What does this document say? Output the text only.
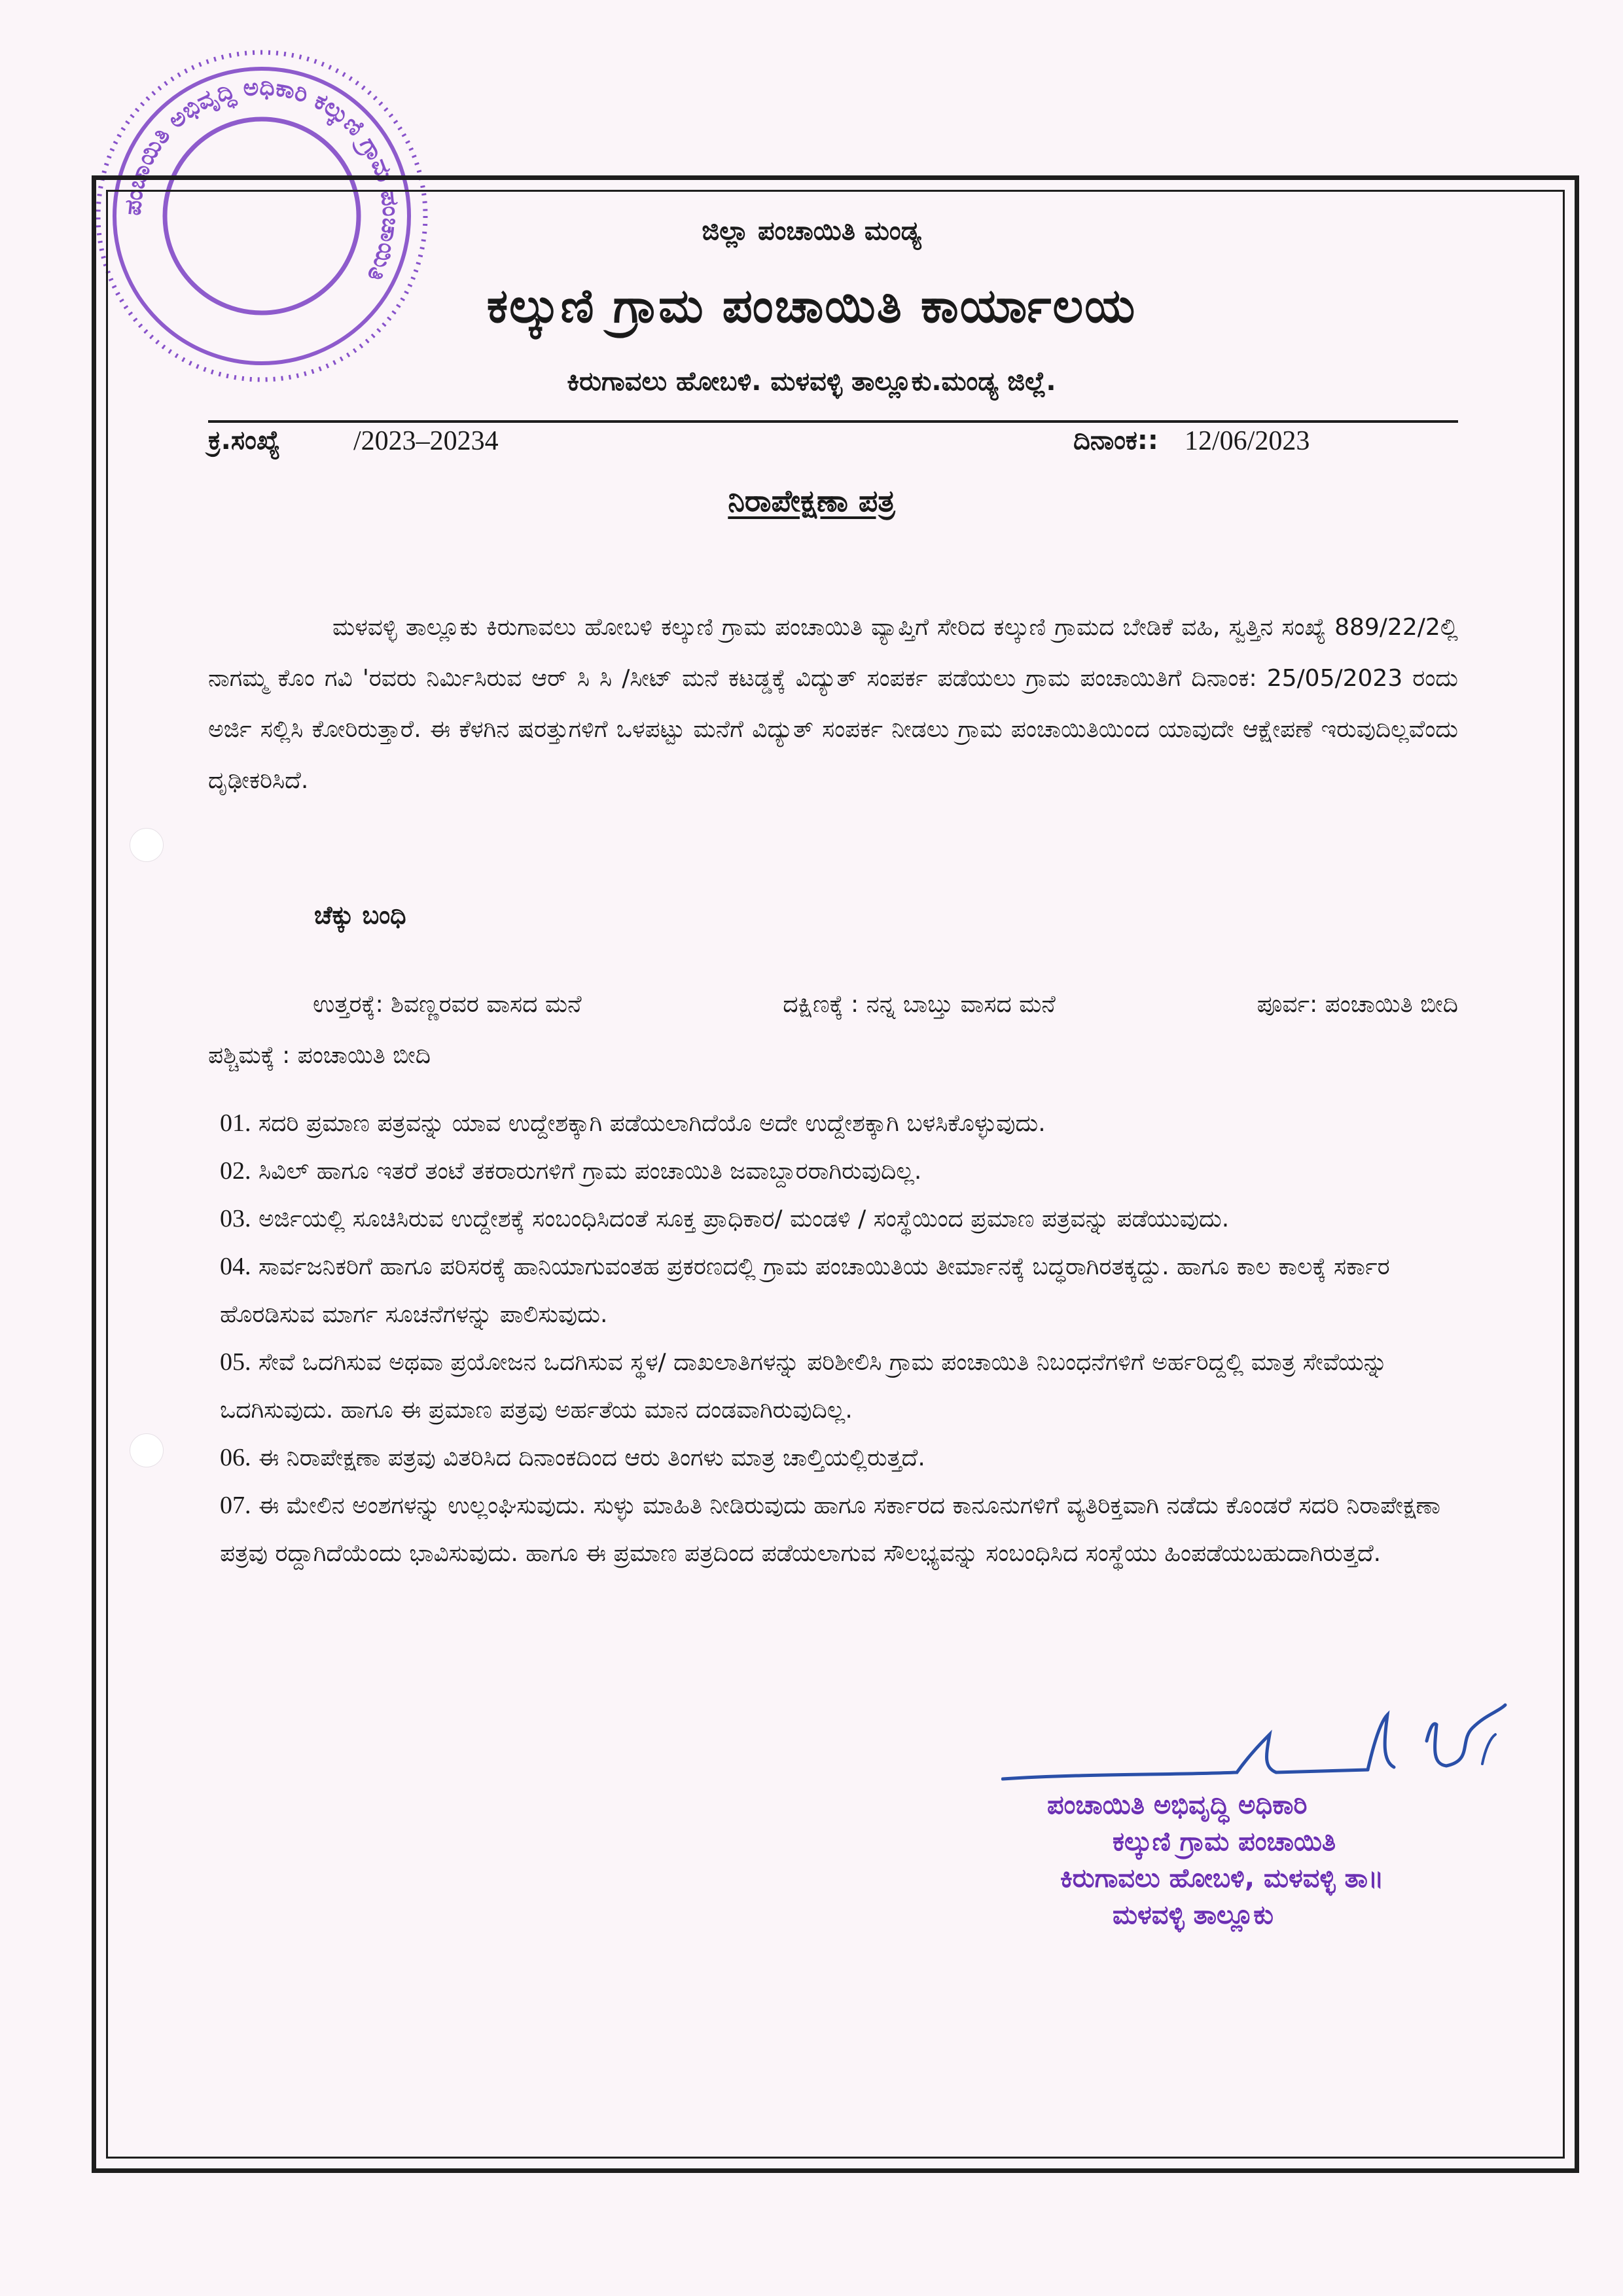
ಪಂಚಾಯಿತಿ ಅಭಿವೃದ್ಧಿ ಅಧಿಕಾರಿ ಕಲ್ಕುಣಿ ಗ್ರಾಮ ಪಂಚಾಯಿತಿ
ಜಿಲ್ಲಾ ಪಂಚಾಯಿತಿ ಮಂಡ್ಯ
ಕಲ್ಕುಣಿ ಗ್ರಾಮ ಪಂಚಾಯಿತಿ ಕಾರ್ಯಾಲಯ
ಕಿರುಗಾವಲು ಹೋಬಳಿ. ಮಳವಳ್ಳಿ ತಾಲ್ಲೂಕು.ಮಂಡ್ಯ ಜಿಲ್ಲೆ.
ಕ್ರ.ಸಂಖ್ಯೆ	/2023–20234	ದಿನಾಂಕ:: 12/06/2023
ನಿರಾಪೇಕ್ಷಣಾ ಪತ್ರ
ಮಳವಳ್ಳಿ ತಾಲ್ಲೂಕು ಕಿರುಗಾವಲು ಹೋಬಳಿ ಕಲ್ಕುಣಿ ಗ್ರಾಮ ಪಂಚಾಯಿತಿ ವ್ಯಾಪ್ತಿಗೆ ಸೇರಿದ ಕಲ್ಕುಣಿ ಗ್ರಾಮದ ಬೇಡಿಕೆ ವಹಿ, ಸ್ವತ್ತಿನ ಸಂಖ್ಯೆ 889/22/2ಲ್ಲಿ ನಾಗಮ್ಮ ಕೊಂ ಗವಿ 'ರವರು ನಿರ್ಮಿಸಿರುವ ಆರ್ ಸಿ ಸಿ /ಸೀಟ್ ಮನೆ ಕಟಡ್ಡಕ್ಕೆ ವಿದ್ಯುತ್ ಸಂಪರ್ಕ ಪಡೆಯಲು ಗ್ರಾಮ ಪಂಚಾಯಿತಿಗೆ ದಿನಾಂಕ: 25/05/2023 ರಂದು ಅರ್ಜಿ ಸಲ್ಲಿಸಿ ಕೋರಿರುತ್ತಾರೆ. ಈ ಕೆಳಗಿನ ಷರತ್ತುಗಳಿಗೆ ಒಳಪಟ್ಟು ಮನೆಗೆ ವಿದ್ಯುತ್ ಸಂಪರ್ಕ ನೀಡಲು ಗ್ರಾಮ ಪಂಚಾಯಿತಿಯಿಂದ ಯಾವುದೇ ಆಕ್ಷೇಪಣೆ ಇರುವುದಿಲ್ಲವೆಂದು ದೃಢೀಕರಿಸಿದೆ.
ಚೆಕ್ಕು ಬಂಧಿ
ಉತ್ತರಕ್ಕೆ: ಶಿವಣ್ಣರವರ ವಾಸದ ಮನೆ	ದಕ್ಷಿಣಕ್ಕೆ : ನನ್ನ ಬಾಬ್ತು ವಾಸದ ಮನೆ	ಪೂರ್ವ: ಪಂಚಾಯಿತಿ ಬೀದಿ
ಪಶ್ಚಿಮಕ್ಕೆ : ಪಂಚಾಯಿತಿ ಬೀದಿ
01. ಸದರಿ ಪ್ರಮಾಣ ಪತ್ರವನ್ನು ಯಾವ ಉದ್ದೇಶಕ್ಕಾಗಿ ಪಡೆಯಲಾಗಿದೆಯೊ ಅದೇ ಉದ್ದೇಶಕ್ಕಾಗಿ ಬಳಸಿಕೊಳ್ಳುವುದು.
02. ಸಿವಿಲ್ ಹಾಗೂ ಇತರೆ ತಂಟೆ ತಕರಾರುಗಳಿಗೆ ಗ್ರಾಮ ಪಂಚಾಯಿತಿ ಜವಾಬ್ದಾರರಾಗಿರುವುದಿಲ್ಲ.
03. ಅರ್ಜಿಯಲ್ಲಿ ಸೂಚಿಸಿರುವ ಉದ್ದೇಶಕ್ಕೆ ಸಂಬಂಧಿಸಿದಂತೆ ಸೂಕ್ತ ಪ್ರಾಧಿಕಾರ/ ಮಂಡಳಿ / ಸಂಸ್ಥೆಯಿಂದ ಪ್ರಮಾಣ ಪತ್ರವನ್ನು ಪಡೆಯುವುದು.
04. ಸಾರ್ವಜನಿಕರಿಗೆ ಹಾಗೂ ಪರಿಸರಕ್ಕೆ ಹಾನಿಯಾಗುವಂತಹ ಪ್ರಕರಣದಲ್ಲಿ ಗ್ರಾಮ ಪಂಚಾಯಿತಿಯ ತೀರ್ಮಾನಕ್ಕೆ ಬದ್ಧರಾಗಿರತಕ್ಕದ್ದು. ಹಾಗೂ ಕಾಲ ಕಾಲಕ್ಕೆ ಸರ್ಕಾರ ಹೊರಡಿಸುವ ಮಾರ್ಗ ಸೂಚನೆಗಳನ್ನು ಪಾಲಿಸುವುದು.
05. ಸೇವೆ ಒದಗಿಸುವ ಅಥವಾ ಪ್ರಯೋಜನ ಒದಗಿಸುವ ಸ್ಥಳ/ ದಾಖಲಾತಿಗಳನ್ನು ಪರಿಶೀಲಿಸಿ ಗ್ರಾಮ ಪಂಚಾಯಿತಿ ನಿಬಂಧನೆಗಳಿಗೆ ಅರ್ಹರಿದ್ದಲ್ಲಿ ಮಾತ್ರ ಸೇವೆಯನ್ನು ಒದಗಿಸುವುದು. ಹಾಗೂ ಈ ಪ್ರಮಾಣ ಪತ್ರವು ಅರ್ಹತೆಯ ಮಾನ ದಂಡವಾಗಿರುವುದಿಲ್ಲ.
06. ಈ ನಿರಾಪೇಕ್ಷಣಾ ಪತ್ರವು ವಿತರಿಸಿದ ದಿನಾಂಕದಿಂದ ಆರು ತಿಂಗಳು ಮಾತ್ರ ಚಾಲ್ತಿಯಲ್ಲಿರುತ್ತದೆ.
07. ಈ ಮೇಲಿನ ಅಂಶಗಳನ್ನು ಉಲ್ಲಂಘಿಸುವುದು. ಸುಳ್ಳು ಮಾಹಿತಿ ನೀಡಿರುವುದು ಹಾಗೂ ಸರ್ಕಾರದ ಕಾನೂನುಗಳಿಗೆ ವ್ಯತಿರಿಕ್ತವಾಗಿ ನಡೆದು ಕೊಂಡರೆ ಸದರಿ ನಿರಾಪೇಕ್ಷಣಾ ಪತ್ರವು ರದ್ದಾಗಿದೆಯೆಂದು ಭಾವಿಸುವುದು. ಹಾಗೂ ಈ ಪ್ರಮಾಣ ಪತ್ರದಿಂದ ಪಡೆಯಲಾಗುವ ಸೌಲಭ್ಯವನ್ನು ಸಂಬಂಧಿಸಿದ ಸಂಸ್ಥೆಯು ಹಿಂಪಡೆಯಬಹುದಾಗಿರುತ್ತದೆ.
ಪಂಚಾಯಿತಿ ಅಭಿವೃದ್ಧಿ ಅಧಿಕಾರಿ
ಕಲ್ಕುಣಿ ಗ್ರಾಮ ಪಂಚಾಯಿತಿ
ಕಿರುಗಾವಲು ಹೋಬಳಿ, ಮಳವಳ್ಳಿ ತಾ॥
ಮಳವಳ್ಳಿ ತಾಲ್ಲೂಕು
